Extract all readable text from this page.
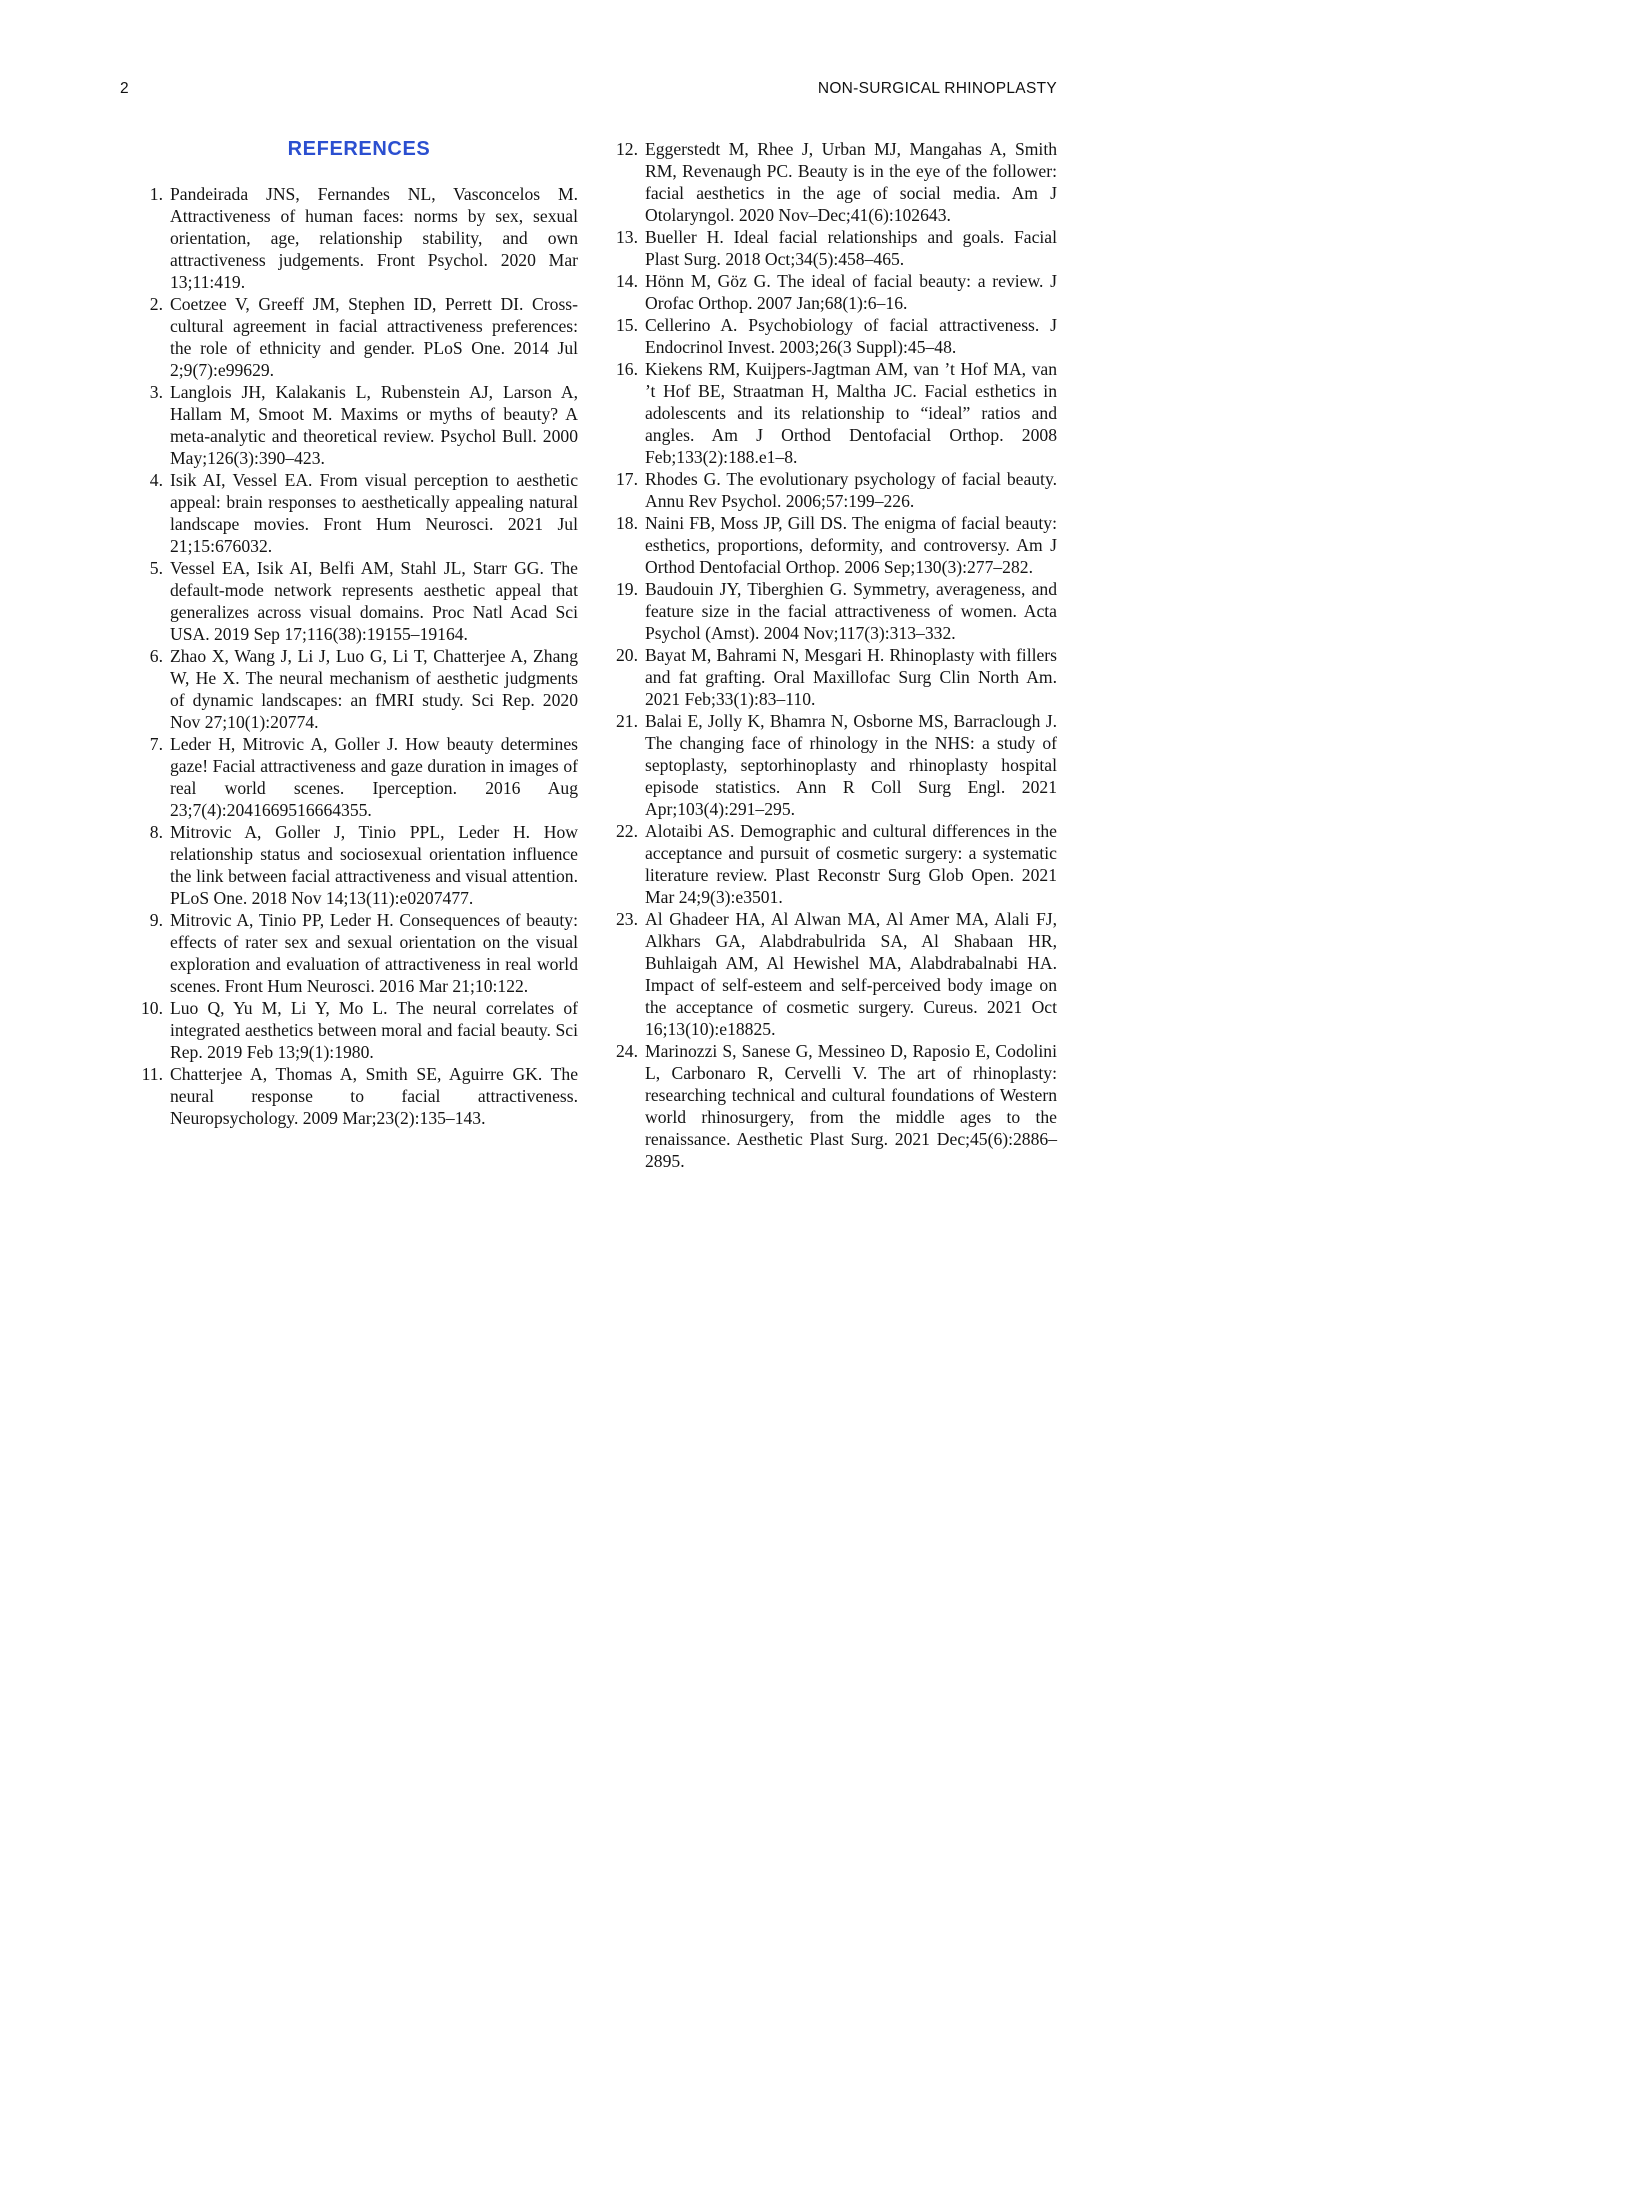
2	NON-SURGICAL RHINOPLASTY
REFERENCES
1. Pandeirada JNS, Fernandes NL, Vasconcelos M. Attractiveness of human faces: norms by sex, sexual orientation, age, relationship stability, and own attractiveness judgements. Front Psychol. 2020 Mar 13;11:419.
2. Coetzee V, Greeff JM, Stephen ID, Perrett DI. Cross-cultural agreement in facial attractiveness preferences: the role of ethnicity and gender. PLoS One. 2014 Jul 2;9(7):e99629.
3. Langlois JH, Kalakanis L, Rubenstein AJ, Larson A, Hallam M, Smoot M. Maxims or myths of beauty? A meta-analytic and theoretical review. Psychol Bull. 2000 May;126(3):390–423.
4. Isik AI, Vessel EA. From visual perception to aesthetic appeal: brain responses to aesthetically appealing natural landscape movies. Front Hum Neurosci. 2021 Jul 21;15:676032.
5. Vessel EA, Isik AI, Belfi AM, Stahl JL, Starr GG. The default-mode network represents aesthetic appeal that generalizes across visual domains. Proc Natl Acad Sci USA. 2019 Sep 17;116(38):19155–19164.
6. Zhao X, Wang J, Li J, Luo G, Li T, Chatterjee A, Zhang W, He X. The neural mechanism of aesthetic judgments of dynamic landscapes: an fMRI study. Sci Rep. 2020 Nov 27;10(1):20774.
7. Leder H, Mitrovic A, Goller J. How beauty determines gaze! Facial attractiveness and gaze duration in images of real world scenes. Iperception. 2016 Aug 23;7(4):2041669516664355.
8. Mitrovic A, Goller J, Tinio PPL, Leder H. How relationship status and sociosexual orientation influence the link between facial attractiveness and visual attention. PLoS One. 2018 Nov 14;13(11):e0207477.
9. Mitrovic A, Tinio PP, Leder H. Consequences of beauty: effects of rater sex and sexual orientation on the visual exploration and evaluation of attractiveness in real world scenes. Front Hum Neurosci. 2016 Mar 21;10:122.
10. Luo Q, Yu M, Li Y, Mo L. The neural correlates of integrated aesthetics between moral and facial beauty. Sci Rep. 2019 Feb 13;9(1):1980.
11. Chatterjee A, Thomas A, Smith SE, Aguirre GK. The neural response to facial attractiveness. Neuropsychology. 2009 Mar;23(2):135–143.
12. Eggerstedt M, Rhee J, Urban MJ, Mangahas A, Smith RM, Revenaugh PC. Beauty is in the eye of the follower: facial aesthetics in the age of social media. Am J Otolaryngol. 2020 Nov–Dec;41(6):102643.
13. Bueller H. Ideal facial relationships and goals. Facial Plast Surg. 2018 Oct;34(5):458–465.
14. Hönn M, Göz G. The ideal of facial beauty: a review. J Orofac Orthop. 2007 Jan;68(1):6–16.
15. Cellerino A. Psychobiology of facial attractiveness. J Endocrinol Invest. 2003;26(3 Suppl):45–48.
16. Kiekens RM, Kuijpers-Jagtman AM, van ’t Hof MA, van ’t Hof BE, Straatman H, Maltha JC. Facial esthetics in adolescents and its relationship to “ideal” ratios and angles. Am J Orthod Dentofacial Orthop. 2008 Feb;133(2):188.e1–8.
17. Rhodes G. The evolutionary psychology of facial beauty. Annu Rev Psychol. 2006;57:199–226.
18. Naini FB, Moss JP, Gill DS. The enigma of facial beauty: esthetics, proportions, deformity, and controversy. Am J Orthod Dentofacial Orthop. 2006 Sep;130(3):277–282.
19. Baudouin JY, Tiberghien G. Symmetry, averageness, and feature size in the facial attractiveness of women. Acta Psychol (Amst). 2004 Nov;117(3):313–332.
20. Bayat M, Bahrami N, Mesgari H. Rhinoplasty with fillers and fat grafting. Oral Maxillofac Surg Clin North Am. 2021 Feb;33(1):83–110.
21. Balai E, Jolly K, Bhamra N, Osborne MS, Barraclough J. The changing face of rhinology in the NHS: a study of septoplasty, septorhinoplasty and rhinoplasty hospital episode statistics. Ann R Coll Surg Engl. 2021 Apr;103(4):291–295.
22. Alotaibi AS. Demographic and cultural differences in the acceptance and pursuit of cosmetic surgery: a systematic literature review. Plast Reconstr Surg Glob Open. 2021 Mar 24;9(3):e3501.
23. Al Ghadeer HA, Al Alwan MA, Al Amer MA, Alali FJ, Alkhars GA, Alabdrabulrida SA, Al Shabaan HR, Buhlaigah AM, Al Hewishel MA, Alabdrabalnabi HA. Impact of self-esteem and self-perceived body image on the acceptance of cosmetic surgery. Cureus. 2021 Oct 16;13(10):e18825.
24. Marinozzi S, Sanese G, Messineo D, Raposio E, Codolini L, Carbonaro R, Cervelli V. The art of rhinoplasty: researching technical and cultural foundations of Western world rhinosurgery, from the middle ages to the renaissance. Aesthetic Plast Surg. 2021 Dec;45(6):2886–2895.
